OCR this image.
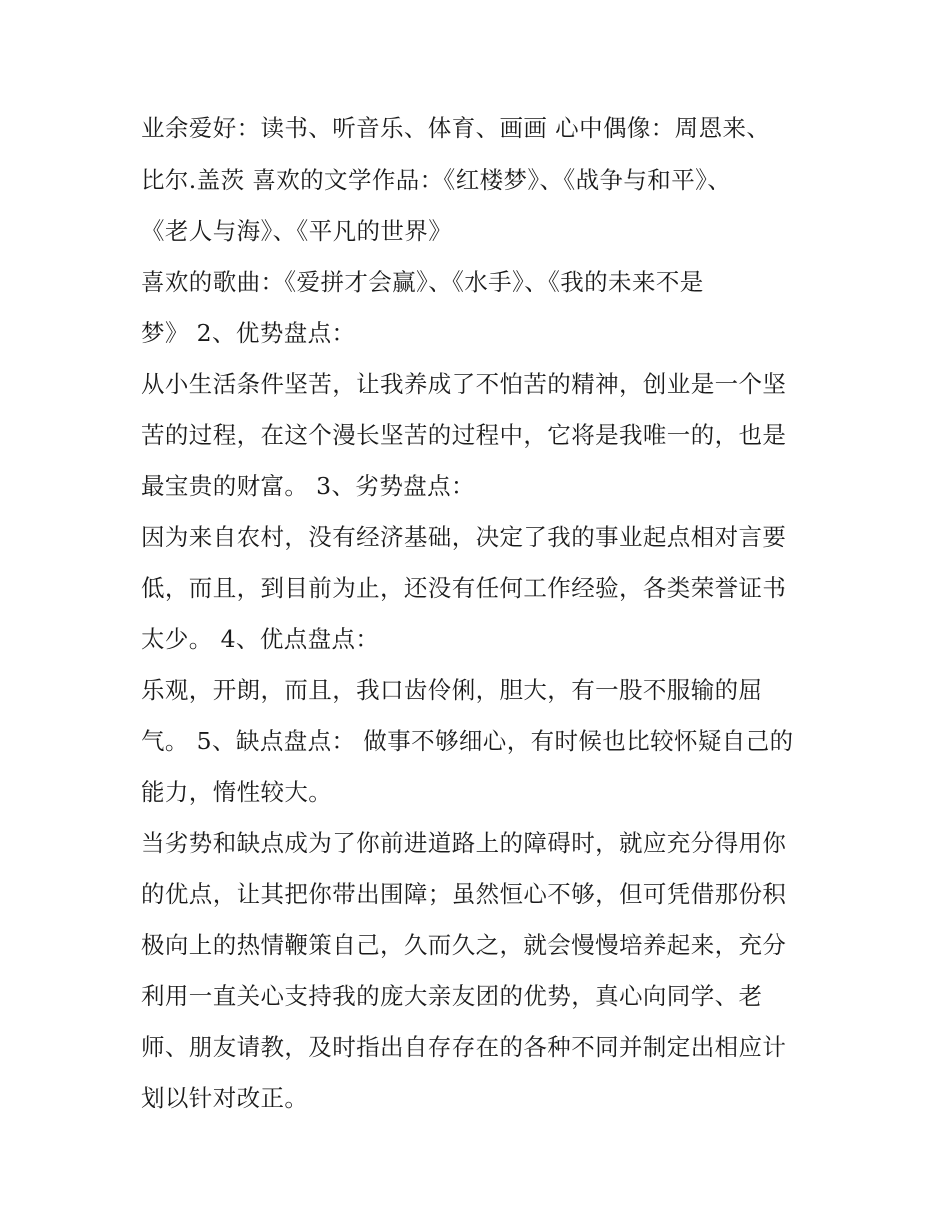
业余爱好：读书、听音乐、体育、画画 心中偶像：周恩来、
比尔.盖茨 喜欢的文学作品：《红楼梦》、《战争与和平》、
《老人与海》、《平凡的世界》
喜欢的歌曲：《爱拼才会赢》、《水手》、《我的未来不是
梦》 2、优势盘点：
从小生活条件坚苦，让我养成了不怕苦的精神，创业是一个坚
苦的过程，在这个漫长坚苦的过程中，它将是我唯一的，也是
最宝贵的财富。 3、劣势盘点：
因为来自农村，没有经济基础，决定了我的事业起点相对言要
低，而且，到目前为止，还没有任何工作经验，各类荣誉证书
太少。 4、优点盘点：
乐观，开朗，而且，我口齿伶俐，胆大，有一股不服输的屈
气。 5、缺点盘点： 做事不够细心，有时候也比较怀疑自己的
能力，惰性较大。
当劣势和缺点成为了你前进道路上的障碍时，就应充分得用你
的优点，让其把你带出围障；虽然恒心不够，但可凭借那份积
极向上的热情鞭策自己，久而久之，就会慢慢培养起来，充分
利用一直关心支持我的庞大亲友团的优势，真心向同学、老
师、朋友请教，及时指出自存存在的各种不同并制定出相应计
划以针对改正。
